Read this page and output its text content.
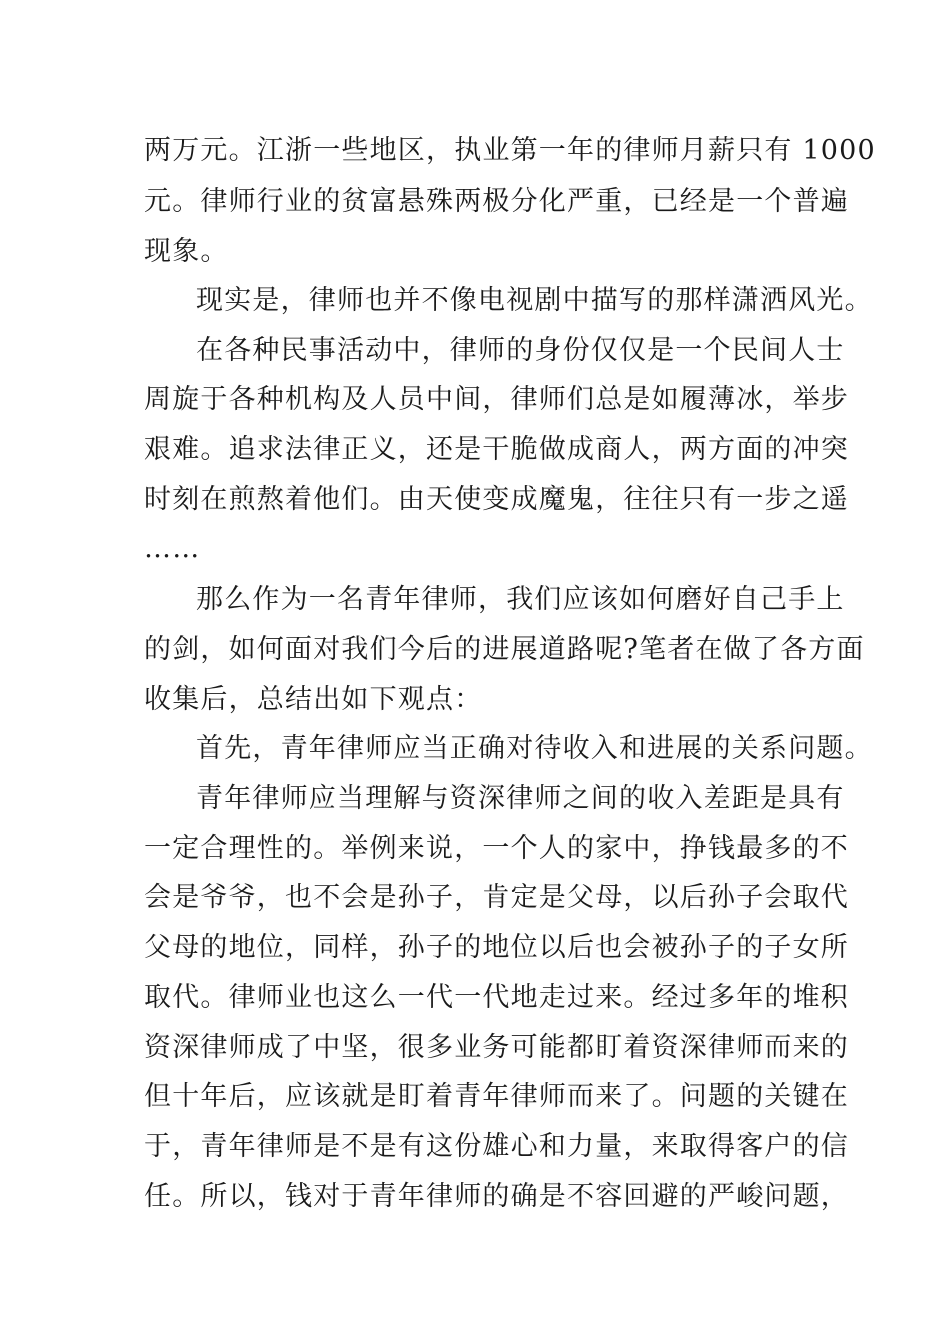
两万元。江浙一些地区，执业第一年的律师月薪只有 1000
元。律师行业的贫富悬殊两极分化严重，已经是一个普遍
现象。
现实是，律师也并不像电视剧中描写的那样潇洒风光。
在各种民事活动中，律师的身份仅仅是一个民间人士
周旋于各种机构及人员中间，律师们总是如履薄冰，举步
艰难。追求法律正义，还是干脆做成商人，两方面的冲突
时刻在煎熬着他们。由天使变成魔鬼，往往只有一步之遥
……
那么作为一名青年律师，我们应该如何磨好自己手上
的剑，如何面对我们今后的进展道路呢?笔者在做了各方面
收集后，总结出如下观点：
首先，青年律师应当正确对待收入和进展的关系问题。
青年律师应当理解与资深律师之间的收入差距是具有
一定合理性的。举例来说，一个人的家中，挣钱最多的不
会是爷爷，也不会是孙子，肯定是父母，以后孙子会取代
父母的地位，同样，孙子的地位以后也会被孙子的子女所
取代。律师业也这么一代一代地走过来。经过多年的堆积
资深律师成了中坚，很多业务可能都盯着资深律师而来的
但十年后，应该就是盯着青年律师而来了。问题的关键在
于，青年律师是不是有这份雄心和力量，来取得客户的信
任。所以，钱对于青年律师的确是不容回避的严峻问题，
